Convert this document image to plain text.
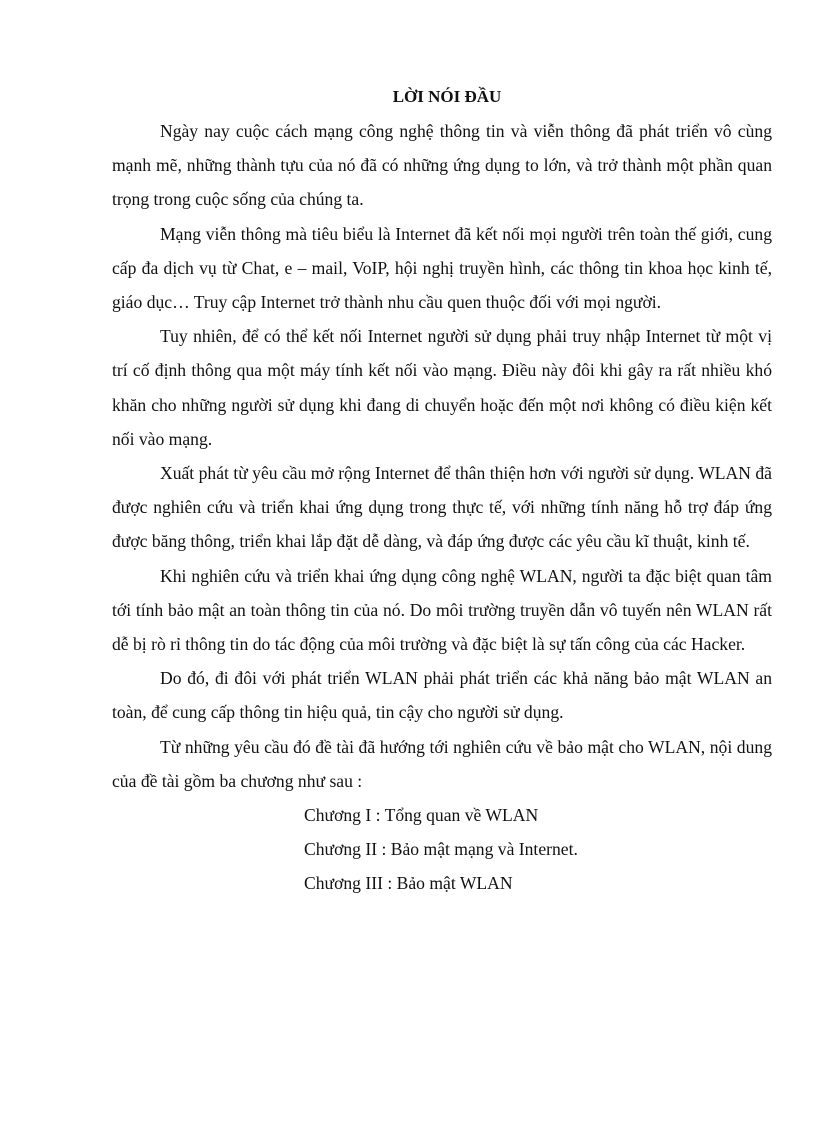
LỜI NÓI ĐẦU

Ngày nay cuộc cách mạng công nghệ thông tin và viễn thông đã phát triển vô cùng mạnh mẽ, những thành tựu của nó đã có những ứng dụng to lớn, và trở thành một phần quan trọng trong cuộc sống của chúng ta.

Mạng viễn thông mà tiêu biểu là Internet đã kết nối mọi người trên toàn thế giới, cung cấp đa dịch vụ từ Chat, e – mail, VoIP, hội nghị truyền hình, các thông tin khoa học kinh tế, giáo dục… Truy cập Internet trở thành nhu cầu quen thuộc đối với mọi người.

Tuy nhiên, để có thể kết nối Internet người sử dụng phải truy nhập Internet từ một vị trí cố định thông qua một máy tính kết nối vào mạng. Điều này đôi khi gây ra rất nhiều khó khăn cho những người sử dụng khi đang di chuyển hoặc đến một nơi không có điều kiện kết nối vào mạng.

Xuất phát từ yêu cầu mở rộng Internet để thân thiện hơn với người sử dụng. WLAN đã được nghiên cứu và triển khai ứng dụng trong thực tế, với những tính năng hỗ trợ đáp ứng được băng thông, triển khai lắp đặt dễ dàng, và đáp ứng được các yêu cầu kĩ thuật, kinh tế.

Khi nghiên cứu và triển khai ứng dụng công nghệ WLAN, người ta đặc biệt quan tâm tới tính bảo mật an toàn thông tin của nó. Do môi trường truyền dẫn vô tuyến nên WLAN rất dễ bị rò rỉ thông tin do tác động của môi trường và đặc biệt là sự tấn công của các Hacker.

Do đó, đi đôi với phát triển WLAN phải phát triển các khả năng bảo mật WLAN an toàn, để cung cấp thông tin hiệu quả, tin cậy cho người sử dụng.

Từ những yêu cầu đó đề tài đã hướng tới nghiên cứu về bảo mật cho WLAN, nội dung của đề tài gồm ba chương như sau :

Chương I : Tổng quan về WLAN
Chương II : Bảo mật mạng và Internet.
Chương III : Bảo mật WLAN
